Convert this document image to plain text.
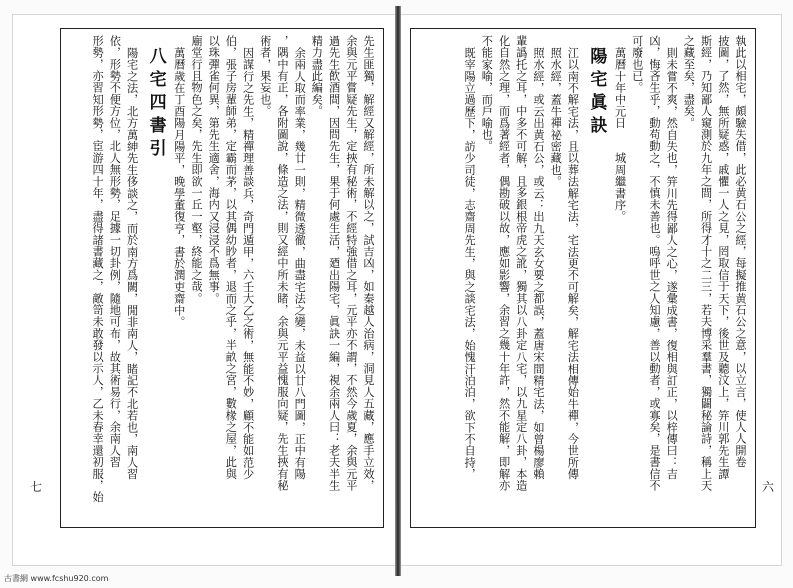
執此以相宅，頗驗失借，此必黄石公之經，每擬推黄石公之意，以立言，使人人開卷
披圖，了然，無所疑惑，戚懼一人之見，罔取信于天下，後世及聽汶上，笄川郭先生譚
斯經，乃知鄙人窺測於九年之間，所得才十之二三，若夫博采羣書，獨闢秘論詩，稱上天
之藏至矣，盡矣。
則未嘗不爽，然自失也，笄川先得鄙人之心，遂彙成書，復相與訂正，以梓傳曰：吉
凶，悔吝生乎，動苟動之，不慎未善也。嗚呼世之人知慮，善以動者，或寡矣，是書信不
可廢也已。
萬曆十年中元日　　城周繼書序。
陽宅眞訣
江以南不解宅法，且以葬法解宅法，宅法更不可解矣，解宅法相傳始牛禪，今世所傳
照水經，蓋牛禪祕密藏也。
照水經，或云出黄石公，或云：出九天玄女要之都誤，蓋唐宋間精宅法，如曾楊廖賴
輩譌托之耳，中多不可解，且多銀根帝虎之訛，獨其以八卦定八宅，以九星定八卦，本造
化自然之理，而爲著經者，偶勘破以故，應如影響，余習之幾十年許，然不能解，即解亦
不能家喻，而戶喻也。
既宰陽立過歷下，訪少司徒，志齋周先生，與之談宅法，始愧汗泊泊，欲下不自持，
先生匪獨，解經又解經，所未解以之，試吉凶，如秦越人治病，洞見人五藏，應手立效，
余與元平嘗疑先生，定挾有秘術，不經特強借之耳，元平亦不謂，不然今歲夏，余與元平
過先生飲酒間，因問先生，果于何處生活，廼出陽宅，眞訣一編，視余兩人曰：老夫半生
精力盡此編矣。
余兩人取而率業，幾廿一則，精微透徹，曲盡宅法之變，未益以廿八門圖，正中有陽
，隅中有正，各附圖說，條造之法，則又經中所未睹，余與元平益愧服向疑，先生挾有秘
術者，果妄也。
因謀行之先生，精禪理善談兵，奇門遁甲，六壬大乙之術，無能不妙，顧不能如范少
伯，張子房輩師弟，定霸而茅，以其偶幼眇者，退而之乎，半畝之宮，數椽之屋，此與
以珠彈雀何異，第先生適舍，海内又浸浸不爲無事。
廟堂行且物色之矣，先生即欲一丘一壑，終能之哉。
萬曆歲在丁酉陽月陽平，晚學董復亨，書於潤吏齋中。
八宅四書引
陽宅之法，北方萬紳先生侈談之，而於南方爲闕，閒非南人，睹記不北若也，南人習
依，形勢不便方位，北人無形勢，足據一切卦例，隨地可布，故其術易行，余南人習
形勢，亦習知形勢，宦游四十年，盡得諸書藏之，敵笥未敢發以示人，乙未春幸還初服，始	六
七
古書網 www.fcshu920.com
